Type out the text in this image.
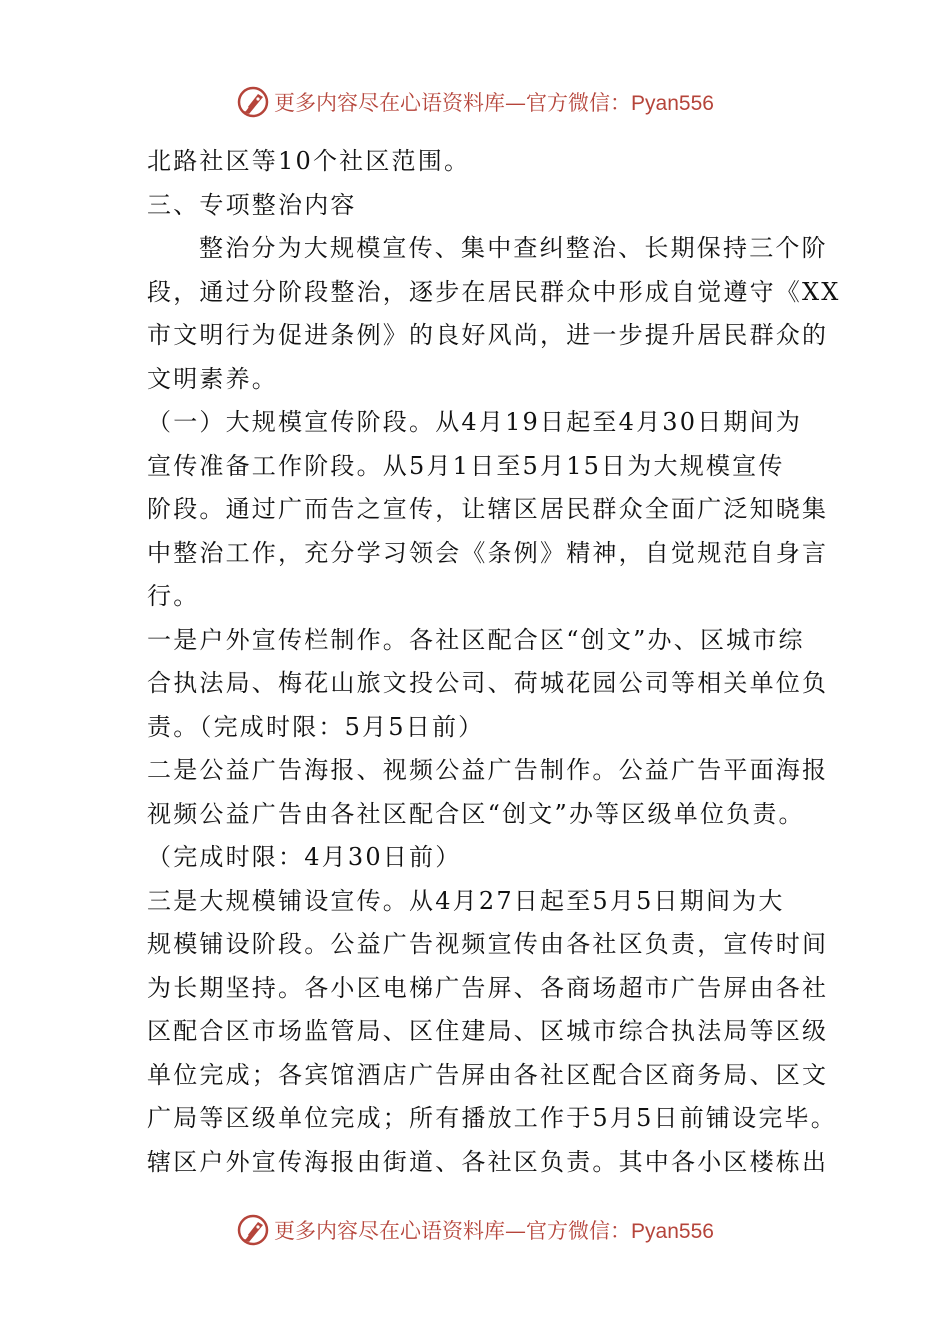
更多内容尽在心语资料库—官方微信：Pyan556
北路社区等10个社区范围。
三、专项整治内容
整治分为大规模宣传、集中查纠整治、长期保持三个阶
段，通过分阶段整治，逐步在居民群众中形成自觉遵守《XX
市文明行为促进条例》的良好风尚，进一步提升居民群众的
文明素养。
（一）大规模宣传阶段。从4月19日起至4月30日期间为
宣传准备工作阶段。从5月1日至5月15日为大规模宣传
阶段。通过广而告之宣传，让辖区居民群众全面广泛知晓集
中整治工作，充分学习领会《条例》精神，自觉规范自身言
行。
一是户外宣传栏制作。各社区配合区“创文”办、区城市综
合执法局、梅花山旅文投公司、荷城花园公司等相关单位负
责。（完成时限：5月5日前）
二是公益广告海报、视频公益广告制作。公益广告平面海报
视频公益广告由各社区配合区“创文”办等区级单位负责。
（完成时限：4月30日前）
三是大规模铺设宣传。从4月27日起至5月5日期间为大
规模铺设阶段。公益广告视频宣传由各社区负责，宣传时间
为长期坚持。各小区电梯广告屏、各商场超市广告屏由各社
区配合区市场监管局、区住建局、区城市综合执法局等区级
单位完成；各宾馆酒店广告屏由各社区配合区商务局、区文
广局等区级单位完成；所有播放工作于5月5日前铺设完毕。
辖区户外宣传海报由街道、各社区负责。其中各小区楼栋出
更多内容尽在心语资料库—官方微信：Pyan556
